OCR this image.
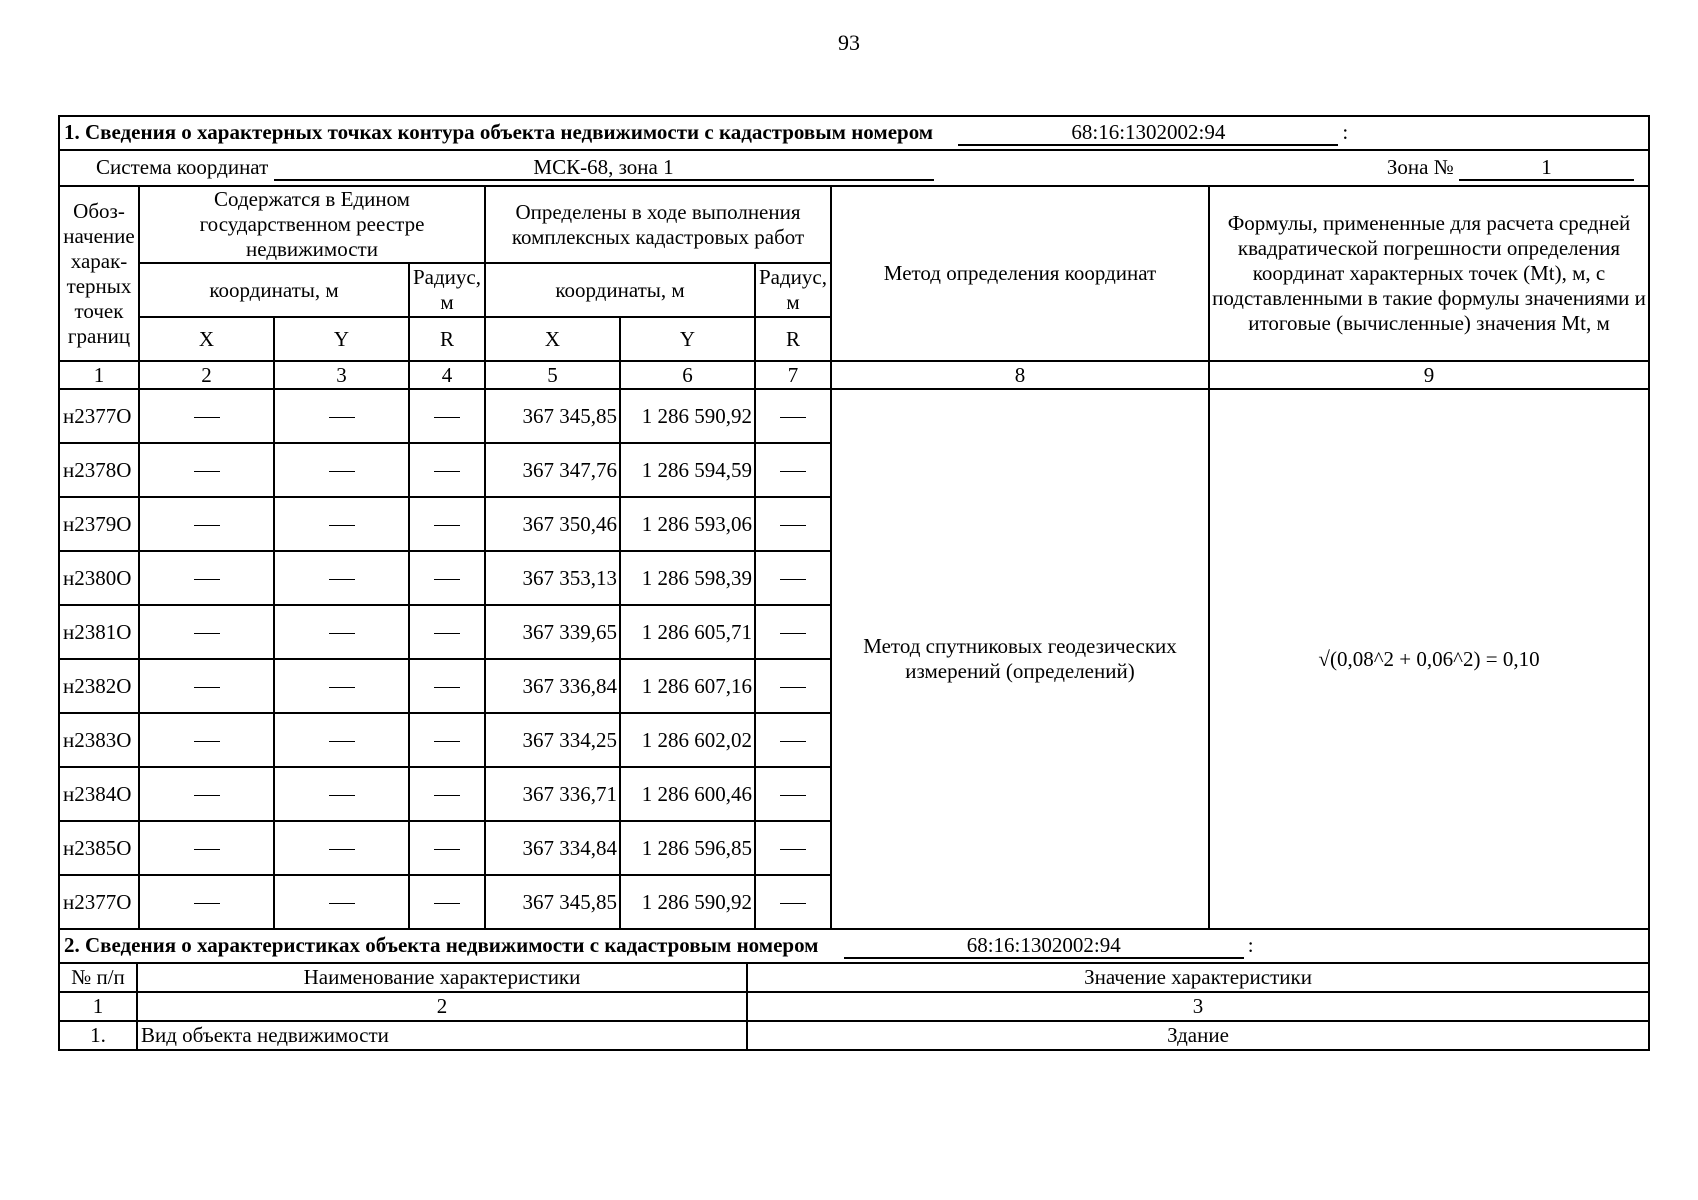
93
1. Сведения о характерных точках контура объекта недвижимости с кадастровым номером 68:16:1302002:94 :								
Система координат МСК-68, зона 1 Зона № 1								

Обоз-начение харак-терных точек границ	Содержатся в Едином государственном реестре недвижимости			Определены в ходе выполнения комплексных кадастровых работ			Метод определения координат	Формулы, примененные для расчета средней квадратической погрешности определения координат характерных точек (Mt), м, с подставленными в такие формулы значениями и итоговые (вычисленные) значения Mt, м
	координаты, м		Радиус, м	координаты, м		Радиус, м		
	X	Y	R	X	Y	R		
1	2	3	4	5	6	7	8	9
н2377О				367 345,85	1 286 590,92		Метод спутниковых геодезических измерений (определений)	√(0,08^2 + 0,06^2) = 0,10
н2378О				367 347,76	1 286 594,59			
н2379О				367 350,46	1 286 593,06			
н2380О				367 353,13	1 286 598,39			
н2381О				367 339,65	1 286 605,71			
н2382О				367 336,84	1 286 607,16			
н2383О				367 334,25	1 286 602,02			
н2384О				367 336,71	1 286 600,46			
н2385О				367 334,84	1 286 596,85			
н2377О				367 345,85	1 286 590,92			
2. Сведения о характеристиках объекта недвижимости с кадастровым номером 68:16:1302002:94 :		
№ п/п	Наименование характеристики	Значение характеристики
1	2	3
1.	Вид объекта недвижимости	Здание
